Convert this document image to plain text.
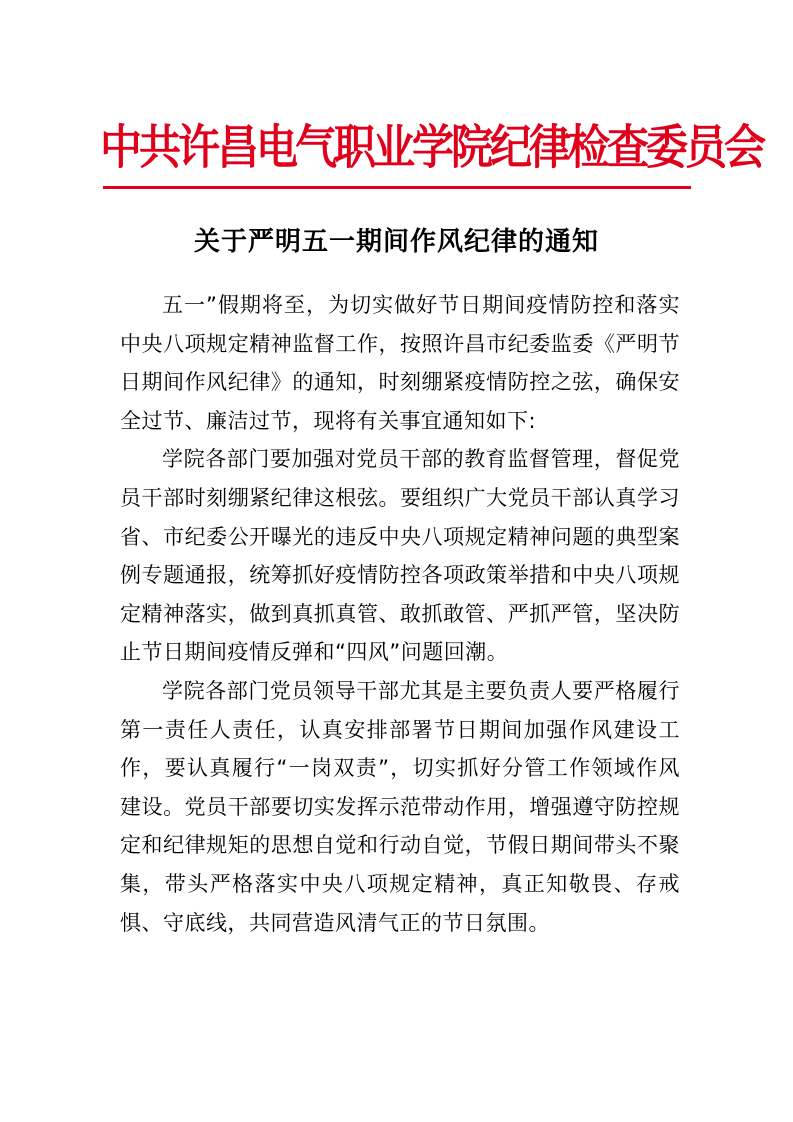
中共许昌电气职业学院纪律检查委员会
关于严明五一期间作风纪律的通知

五一”假期将至，为切实做好节日期间疫情防控和落实中央八项规定精神监督工作，按照许昌市纪委监委《严明节日期间作风纪律》的通知，时刻绷紧疫情防控之弦，确保安全过节、廉洁过节，现将有关事宜通知如下:

学院各部门要加强对党员干部的教育监督管理，督促党员干部时刻绷紧纪律这根弦。要组织广大党员干部认真学习省、市纪委公开曝光的违反中央八项规定精神问题的典型案例专题通报，统筹抓好疫情防控各项政策举措和中央八项规定精神落实，做到真抓真管、敢抓敢管、严抓严管，坚决防止节日期间疫情反弹和“四风”问题回潮。

学院各部门党员领导干部尤其是主要负责人要严格履行第一责任人责任，认真安排部署节日期间加强作风建设工作，要认真履行“一岗双责”，切实抓好分管工作领域作风建设。党员干部要切实发挥示范带动作用，增强遵守防控规定和纪律规矩的思想自觉和行动自觉，节假日期间带头不聚集，带头严格落实中央八项规定精神，真正知敬畏、存戒惧、守底线，共同营造风清气正的节日氛围。
